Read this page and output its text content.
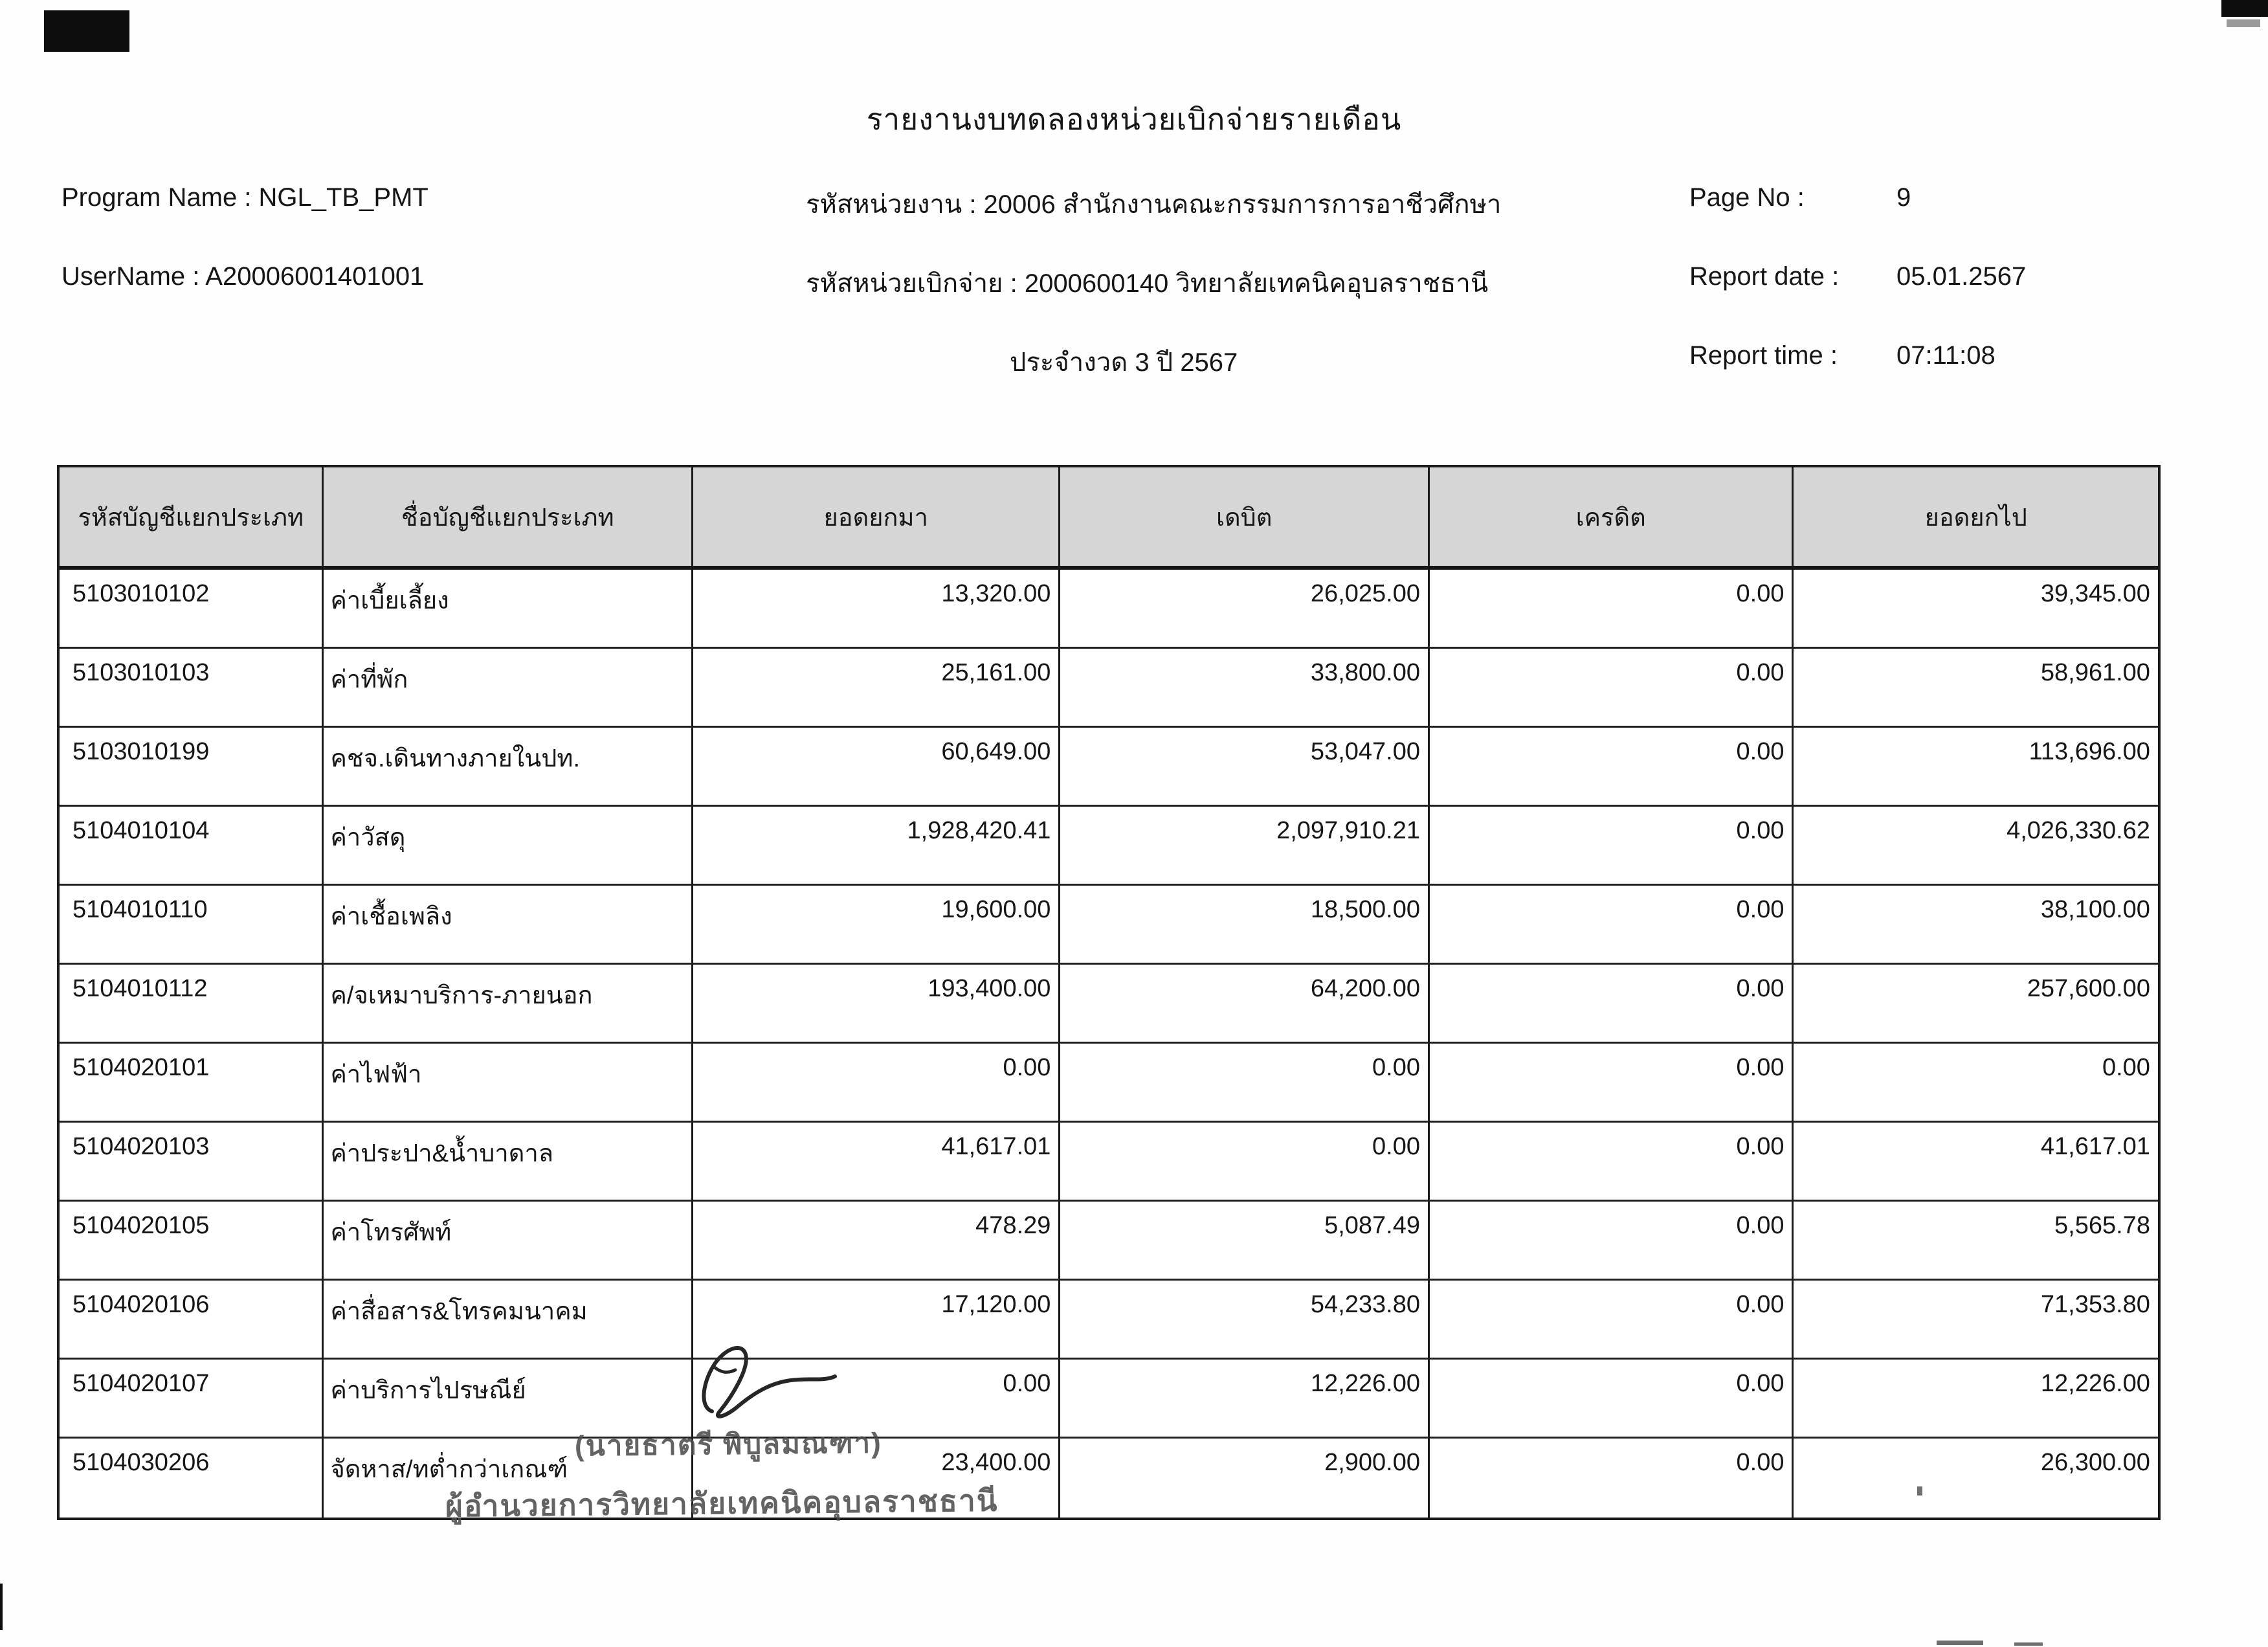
รายงานงบทดลองหน่วยเบิกจ่ายรายเดือน
Program Name : NGL_TB_PMT
UserName : A20006001401001
รหัสหน่วยงาน : 20006 สำนักงานคณะกรรมการการอาชีวศึกษา
รหัสหน่วยเบิกจ่าย : 2000600140 วิทยาลัยเทคนิคอุบลราชธานี
ประจำงวด 3 ปี 2567
Page No :	9
Report date : 05.01.2567
Report time : 07:11:08
รหัสบัญชีแยกประเภท	ชื่อบัญชีแยกประเภท	ยอดยกมา	เดบิต	เครดิต	ยอดยกไป
5103010102	ค่าเบี้ยเลี้ยง	13,320.00	26,025.00	0.00	39,345.00
5103010103	ค่าที่พัก	25,161.00	33,800.00	0.00	58,961.00
5103010199	คชจ.เดินทางภายในปท.	60,649.00	53,047.00	0.00	113,696.00
5104010104	ค่าวัสดุ	1,928,420.41	2,097,910.21	0.00	4,026,330.62
5104010110	ค่าเชื้อเพลิง	19,600.00	18,500.00	0.00	38,100.00
5104010112	ค/จเหมาบริการ-ภายนอก	193,400.00	64,200.00	0.00	257,600.00
5104020101	ค่าไฟฟ้า	0.00	0.00	0.00	0.00
5104020103	ค่าประปา&น้ำบาดาล	41,617.01	0.00	0.00	41,617.01
5104020105	ค่าโทรศัพท์	478.29	5,087.49	0.00	5,565.78
5104020106	ค่าสื่อสาร&โทรคมนาคม	17,120.00	54,233.80	0.00	71,353.80
5104020107	ค่าบริการไปรษณีย์	0.00	12,226.00	0.00	12,226.00
5104030206	จัดหาส/ทต่ำกว่าเกณฑ์	23,400.00	2,900.00	0.00	26,300.00
(นายธาตรี พิบูลมณฑา)
ผู้อำนวยการวิทยาลัยเทคนิคอุบลราชธานี
